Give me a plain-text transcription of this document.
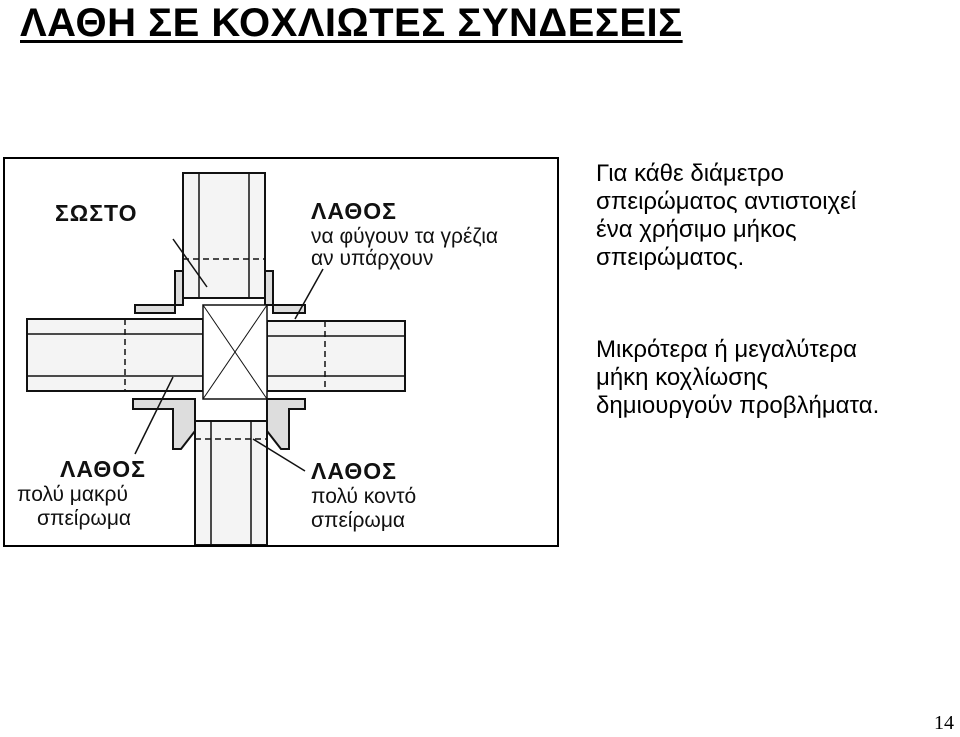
ΛΑΘΗ ΣΕ ΚΟΧΛΙΩΤΕΣ ΣΥΝΔΕΣΕΙΣ
ΣΩΣΤΟ	ΛΑΘΟΣ
να φύγουν τα γρέζια
αν υπάρχουν
ΛΑΘΟΣ
πολύ μακρύ
σπείρωμα
ΛΑΘΟΣ
πολύ κοντό
σπείρωμα

Για κάθε διάμετρο

σπειρώματος αντιστοιχεί

ένα χρήσιμο μήκος

σπειρώματος.

Μικρότερα ή μεγαλύτερα

μήκη κοχλίωσης

δημιουργούν προβλήματα.

14
